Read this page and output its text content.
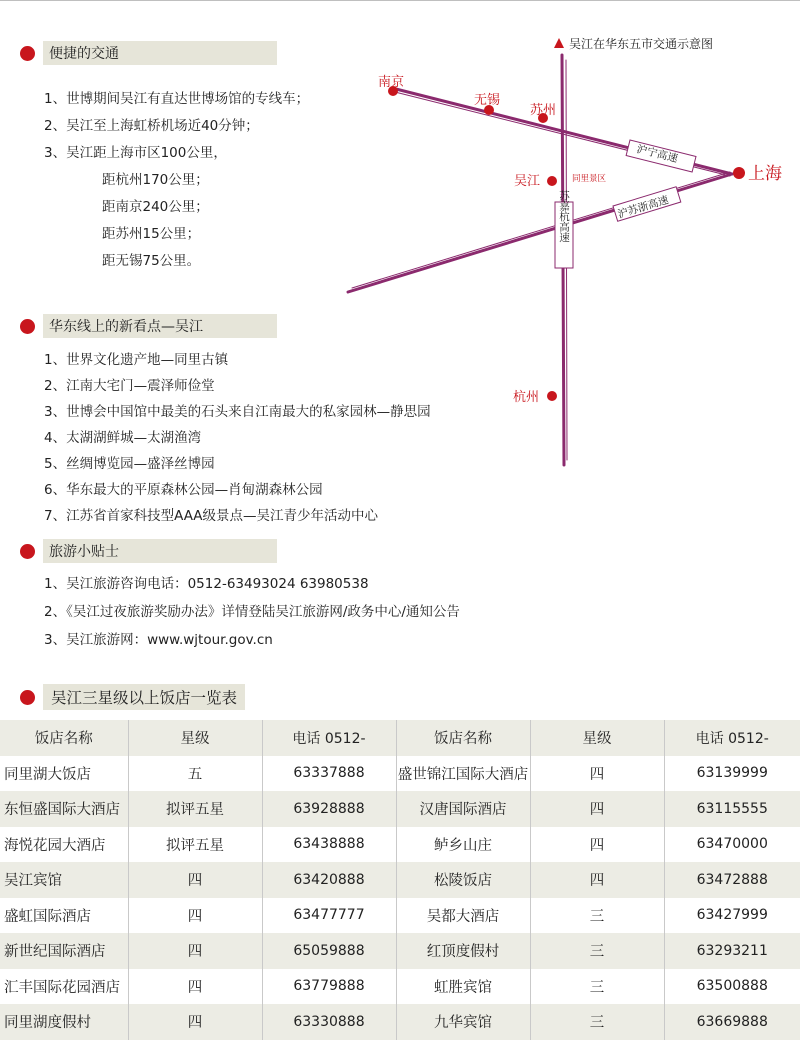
便捷的交通
1、世博期间吴江有直达世博场馆的专线车；
2、吴江至上海虹桥机场近40分钟；
3、吴江距上海市区100公里，
距杭州170公里；
距南京240公里；
距苏州15公里；
距无锡75公里。
吴江在华东五市交通示意图
沪宁高速
沪苏浙高速
苏嘉杭高速
南京
无锡
苏州
吴江	同里景区	上海
杭州
华东线上的新看点—吴江
1、世界文化遗产地—同里古镇
2、江南大宅门—震泽师俭堂
3、世博会中国馆中最美的石头来自江南最大的私家园林—静思园
4、太湖湖鲜城—太湖渔湾
5、丝绸博览园—盛泽丝博园
6、华东最大的平原森林公园—肖甸湖森林公园
7、江苏省首家科技型AAA级景点—吴江青少年活动中心
旅游小贴士
1、吴江旅游咨询电话：0512-63493024 63980538
2、《吴江过夜旅游奖励办法》详情登陆吴江旅游网/政务中心/通知公告
3、吴江旅游网：www.wjtour.gov.cn
吴江三星级以上饭店一览表
饭店名称	星级	电话 0512-	饭店名称	星级	电话 0512-
同里湖大饭店	五	63337888	盛世锦江国际大酒店	四	63139999
东恒盛国际大酒店	拟评五星	63928888	汉唐国际酒店	四	63115555
海悦花园大酒店	拟评五星	63438888	鲈乡山庄	四	63470000
吴江宾馆	四	63420888	松陵饭店	四	63472888
盛虹国际酒店	四	63477777	吴都大酒店	三	63427999
新世纪国际酒店	四	65059888	红顶度假村	三	63293211
汇丰国际花园酒店	四	63779888	虹胜宾馆	三	63500888
同里湖度假村	四	63330888	九华宾馆	三	63669888
